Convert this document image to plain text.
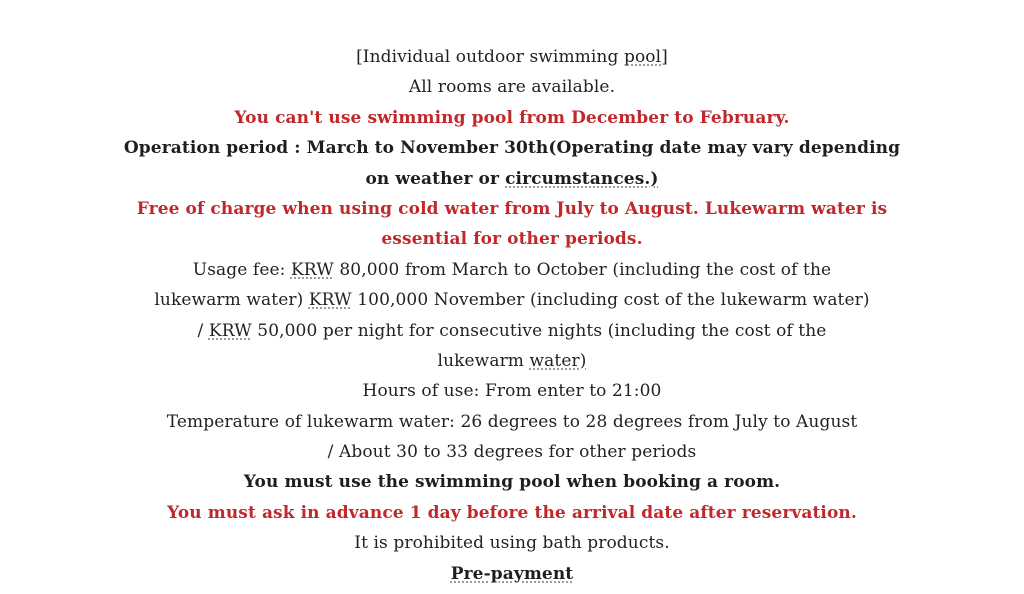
[Individual outdoor swimming pool]
All rooms are available.
You can't use swimming pool from December to February.
Operation period : March to November 30th(Operating date may vary depending
on weather or circumstances.)
Free of charge when using cold water from July to August. Lukewarm water is
essential for other periods.
Usage fee: KRW 80,000 from March to October (including the cost of the
lukewarm water) KRW 100,000 November (including cost of the lukewarm water)
/ KRW 50,000 per night for consecutive nights (including the cost of the
lukewarm water)
Hours of use: From enter to 21:00
Temperature of lukewarm water: 26 degrees to 28 degrees from July to August
/ About 30 to 33 degrees for other periods
You must use the swimming pool when booking a room.
You must ask in advance 1 day before the arrival date after reservation.
It is prohibited using bath products.
Pre-payment
